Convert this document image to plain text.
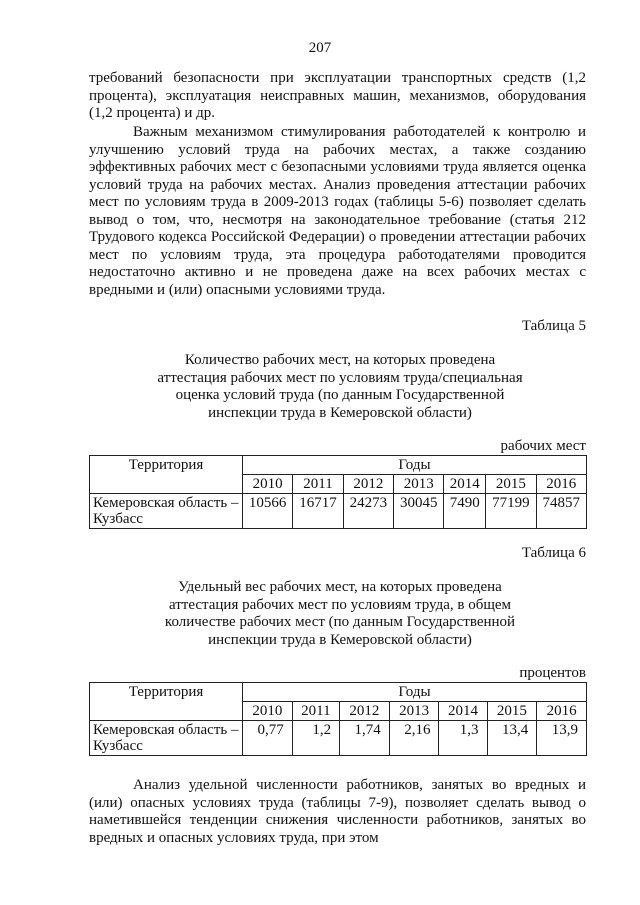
207

требований безопасности при эксплуатации транспортных средств (1,2 процента), эксплуатация неисправных машин, механизмов, оборудования (1,2 процента) и др.

Важным механизмом стимулирования работодателей к контролю и улучшению условий труда на рабочих местах, а также созданию эффективных рабочих мест с безопасными условиями труда является оценка условий труда на рабочих местах. Анализ проведения аттестации рабочих мест по условиям труда в 2009-2013 годах (таблицы 5-6) позволяет сделать вывод о том, что, несмотря на законодательное требование (статья 212 Трудового кодекса Российской Федерации) о проведении аттестации рабочих мест по условиям труда, эта процедура работодателями проводится недостаточно активно и не проведена даже на всех рабочих местах с вредными и (или) опасными условиями труда.

Таблица 5
Количество рабочих мест, на которых проведена
аттестация рабочих мест по условиям труда/специальная
оценка условий труда (по данным Государственной
инспекции труда в Кемеровской области)
рабочих мест
Территория	Годы						
	2010	2011	2012	2013	2014	2015	2016
Кемеровская область – Кузбасс	10566	16717	24273	30045	7490	77199	74857
Таблица 6
Удельный вес рабочих мест, на которых проведена
аттестация рабочих мест по условиям труда, в общем
количестве рабочих мест (по данным Государственной
инспекции труда в Кемеровской области)
процентов
Территория	Годы						
	2010	2011	2012	2013	2014	2015	2016
Кемеровская область – Кузбасс	0,77	1,2	1,74	2,16	1,3	13,4	13,9

Анализ удельной численности работников, занятых во вредных и (или) опасных условиях труда (таблицы 7-9), позволяет сделать вывод о наметившейся тенденции снижения численности работников, занятых во вредных и опасных условиях труда, при этом
